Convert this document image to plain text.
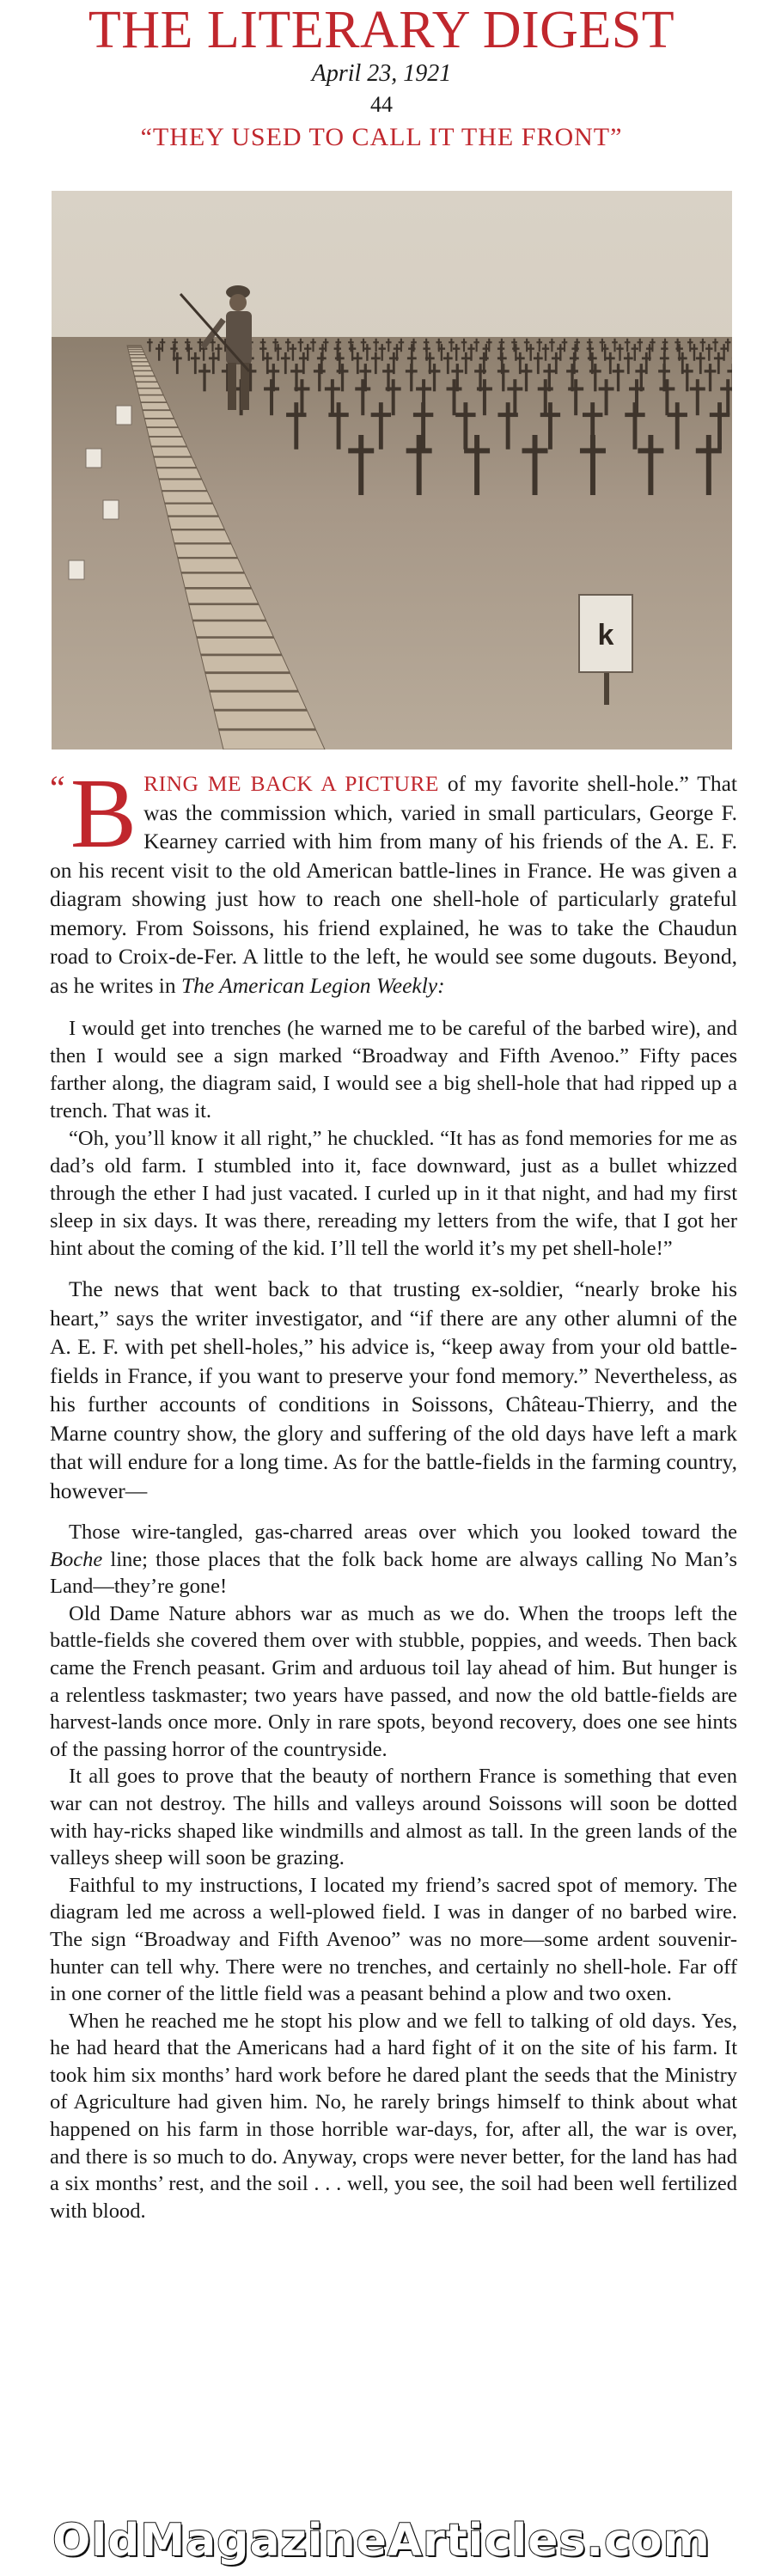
THE LITERARY DIGEST
April 23, 1921
44
“THEY USED TO CALL IT THE FRONT”
k

“ B RING ME BACK A PICTURE of my favorite shell-hole.” That was the commission which, varied in small particulars, George F. Kearney carried with him from many of his friends of the A. E. F. on his recent visit to the old American battle-lines in France. He was given a diagram showing just how to reach one shell-hole of particularly grateful memory. From Soissons, his friend explained, he was to take the Chaudun road to Croix-de-Fer. A little to the left, he would see some dugouts. Beyond, as he writes in The American Legion Weekly:

I would get into trenches (he warned me to be careful of the barbed wire), and then I would see a sign marked “Broadway and Fifth Avenoo.” Fifty paces farther along, the diagram said, I would see a big shell-hole that had ripped up a trench. That was it.

“Oh, you’ll know it all right,” he chuckled. “It has as fond memories for me as dad’s old farm. I stumbled into it, face downward, just as a bullet whizzed through the ether I had just vacated. I curled up in it that night, and had my first sleep in six days. It was there, rereading my letters from the wife, that I got her hint about the coming of the kid. I’ll tell the world it’s my pet shell-hole!”

The news that went back to that trusting ex-soldier, “nearly broke his heart,” says the writer investigator, and “if there are any other alumni of the A. E. F. with pet shell-holes,” his advice is, “keep away from your old battle-fields in France, if you want to preserve your fond memory.” Nevertheless, as his further accounts of conditions in Soissons, Château-Thierry, and the Marne country show, the glory and suffering of the old days have left a mark that will endure for a long time. As for the battle-fields in the farming country, however—

Those wire-tangled, gas-charred areas over which you looked toward the Boche line; those places that the folk back home are always calling No Man’s Land—they’re gone!

Old Dame Nature abhors war as much as we do. When the troops left the battle-fields she covered them over with stubble, poppies, and weeds. Then back came the French peasant. Grim and arduous toil lay ahead of him. But hunger is a relentless taskmaster; two years have passed, and now the old battle-fields are harvest-lands once more. Only in rare spots, beyond recovery, does one see hints of the passing horror of the countryside.

It all goes to prove that the beauty of northern France is something that even war can not destroy. The hills and valleys around Soissons will soon be dotted with hay-ricks shaped like windmills and almost as tall. In the green lands of the valleys sheep will soon be grazing.

Faithful to my instructions, I located my friend’s sacred spot of memory. The diagram led me across a well-plowed field. I was in danger of no barbed wire. The sign “Broadway and Fifth Avenoo” was no more—some ardent souvenir-hunter can tell why. There were no trenches, and certainly no shell-hole. Far off in one corner of the little field was a peasant behind a plow and two oxen.

When he reached me he stopt his plow and we fell to talking of old days. Yes, he had heard that the Americans had a hard fight of it on the site of his farm. It took him six months’ hard work before he dared plant the seeds that the Ministry of Agriculture had given him. No, he rarely brings himself to think about what happened on his farm in those horrible war-days, for, after all, the war is over, and there is so much to do. Anyway, crops were never better, for the land has had a six months’ rest, and the soil . . . well, you see, the soil had been well fertilized with blood.

OldMagazineArticles.com
